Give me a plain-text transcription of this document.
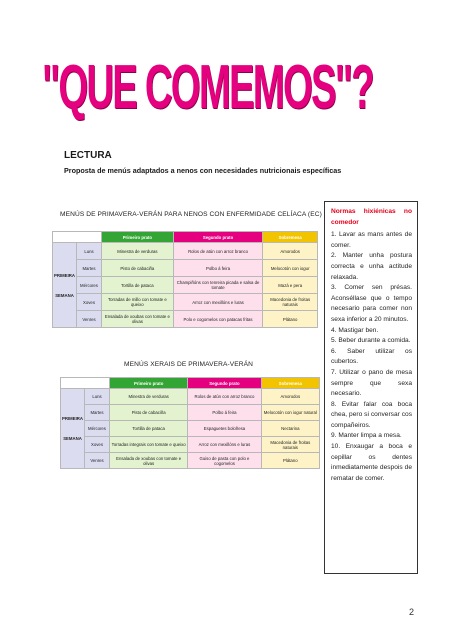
"QUE COMEMOS"?
LECTURA
Proposta de menús adaptados a nenos con necesidades nutricionais específicas
MENÚS DE PRIMAVERA-VERÁN PARA NENOS CON ENFERMIDADE CELÍACA (EC)
		Primeiro prato	Segundo prato	Sobremesa
PRIMEIRA

SEMANA	Luns	Minestra de verduras	Rolos de atún con arroz branco	Amorodos
	Martes	Pisto de cabaciña	Polbo á feira	Melocotón con iogur
	Mércores	Tortilla de pataca	Champiñóns con tenreira picada e salsa de tomate	Mazá e pera
	Xoves	Torradas de millo con tomate e queixo	Arroz con mexillóns e luras	Macedonia de froitas naturais
	Venres	Ensalada de xoubas con tomate e olivas	Polo e cogomelos con patacas fritas	Plátano
MENÚS XERAIS DE PRIMAVERA-VERÁN
		Primeiro prato	Segundo prato	Sobremesa
PRIMEIRA

SEMANA	Luns	Minestra de verduras	Rolos de atún con arroz branco	Amorodos
	Martes	Pisto de cabaciña	Polbo á feira	Melocotón con iogur natural
	Mércores	Tortilla de pataca	Espaguetes boloñesa	Nectarina
	Xoves	Torradas integrais con tomate e queixo	Arroz con mexillóns e luras	Macedonia de froitas naturais
	Venres	Ensalada de xoubas con tomate e olivas	Guiso de pasta con polo e cogomelos	Plátano
Normas hixiénicas no comedor
1. Lavar as mans antes de comer.
2. Manter unha postura correcta e unha actitude relaxada.
3. Comer sen présas. Aconséllase que o tempo necesario para comer non sexa inferior a 20 minutos.
4. Mastigar ben.
5. Beber durante a comida.
6. Saber utilizar os cubertos.
7. Utilizar o pano de mesa sempre que sexa necesario.
8. Evitar falar coa boca chea, pero si conversar cos compañeiros.
9. Manter limpa a mesa.
10. Enxaugar a boca e cepillar os dentes inmediatamente despois de rematar de comer.
2
